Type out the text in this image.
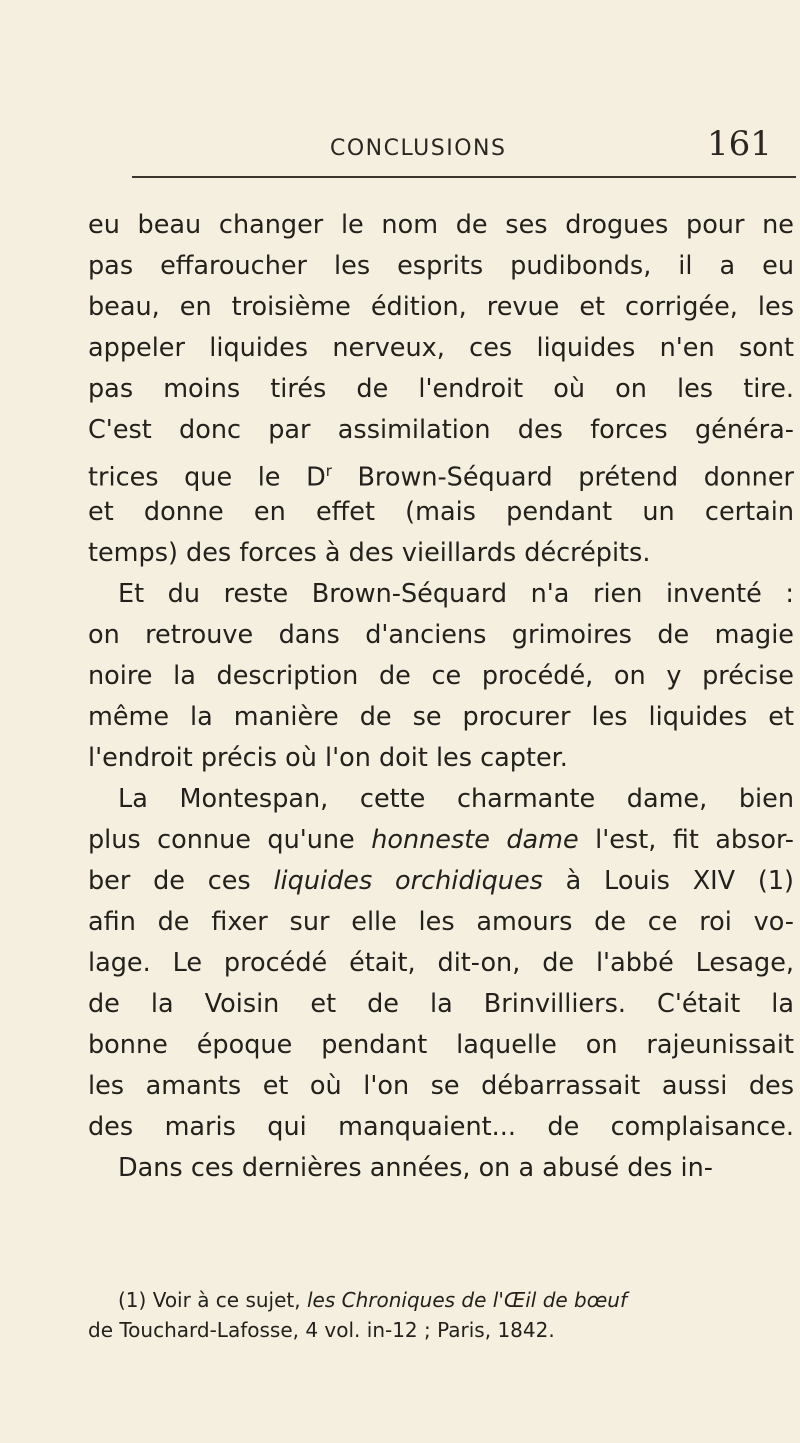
CONCLUSIONS	161
eu beau changer le nom de ses drogues pour ne
pas effaroucher les esprits pudibonds, il a eu
beau, en troisième édition, revue et corrigée, les
appeler liquides nerveux, ces liquides n'en sont
pas moins tirés de l'endroit où on les tire.
C'est donc par assimilation des forces généra-
trices que le $D^r$ Brown-Séquard prétend donner
et donne en effet (mais pendant un certain
temps) des forces à des vieillards décrépits.
Et du reste Brown-Séquard n'a rien inventé :
on retrouve dans d'anciens grimoires de magie
noire la description de ce procédé, on y précise
même la manière de se procurer les liquides et
l'endroit précis où l'on doit les capter.
La Montespan, cette charmante dame, bien
plus connue qu'une honneste dame l'est, fit absor-
ber de ces liquides orchidiques à Louis XIV (1)
afin de fixer sur elle les amours de ce roi vo-
lage. Le procédé était, dit-on, de l'abbé Lesage,
de la Voisin et de la Brinvilliers. C'était la
bonne époque pendant laquelle on rajeunissait
les amants et où l'on se débarrassait aussi des
des maris qui manquaient... de complaisance.
Dans ces dernières années, on a abusé des in-
(1) Voir à ce sujet, les Chroniques de l'Œil de bœuf
de Touchard-Lafosse, 4 vol. in-12 ; Paris, 1842.
